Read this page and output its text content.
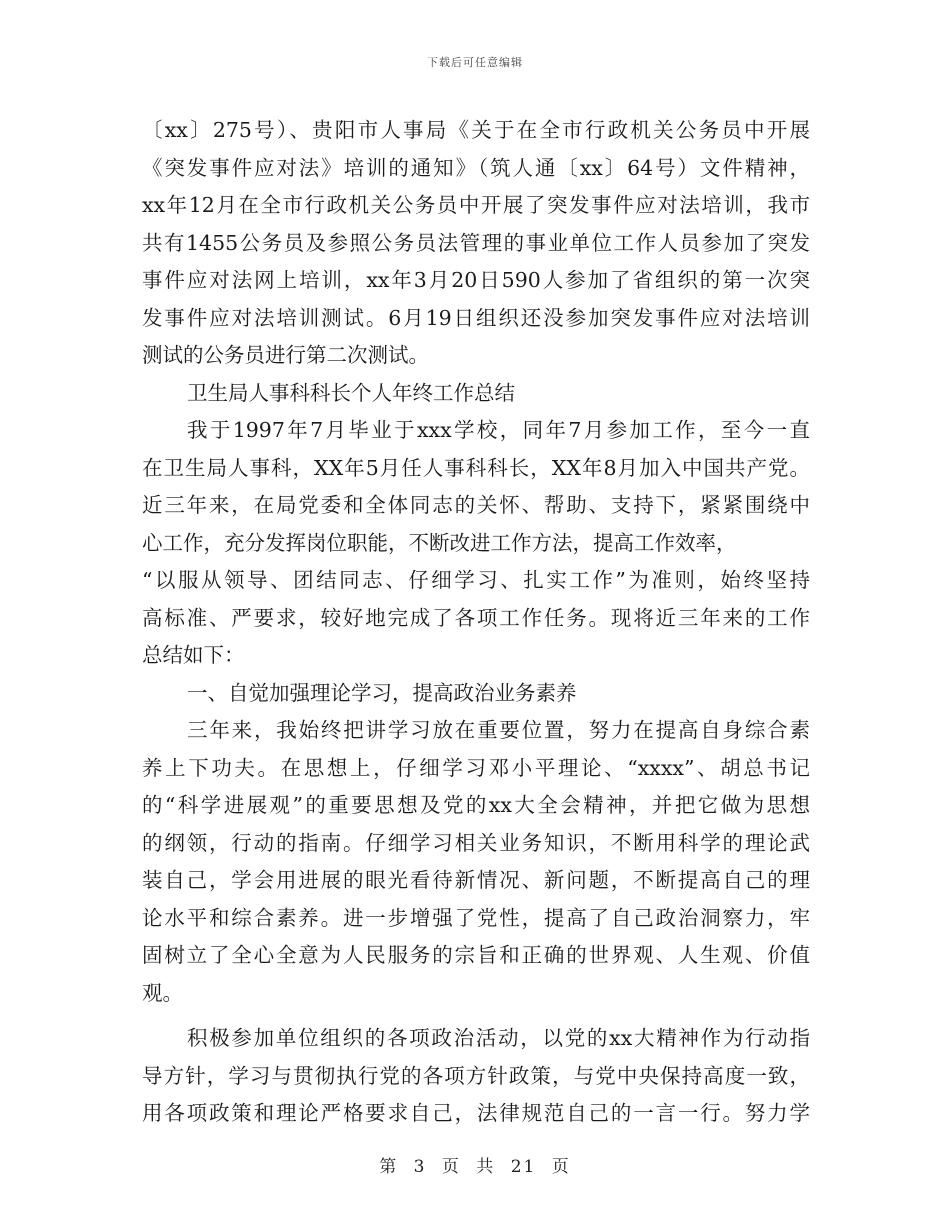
下载后可任意编辑
〔xx〕275号）、贵阳市人事局《关于在全市行政机关公务员中开展
《突发事件应对法》培训的通知》（筑人通〔xx〕64号）文件精神，
xx年12月在全市行政机关公务员中开展了突发事件应对法培训，我市
共有1455公务员及参照公务员法管理的事业单位工作人员参加了突发
事件应对法网上培训，xx年3月20日590人参加了省组织的第一次突
发事件应对法培训测试。6月19日组织还没参加突发事件应对法培训
测试的公务员进行第二次测试。
卫生局人事科科长个人年终工作总结
我于1997年7月毕业于xxx学校，同年7月参加工作，至今一直
在卫生局人事科，XX年5月任人事科科长，XX年8月加入中国共产党。
近三年来，在局党委和全体同志的关怀、帮助、支持下，紧紧围绕中
心工作，充分发挥岗位职能，不断改进工作方法，提高工作效率，
“以服从领导、团结同志、仔细学习、扎实工作”为准则，始终坚持
高标准、严要求，较好地完成了各项工作任务。现将近三年来的工作
总结如下：
一、自觉加强理论学习，提高政治业务素养
三年来，我始终把讲学习放在重要位置，努力在提高自身综合素
养上下功夫。在思想上，仔细学习邓小平理论、“xxxx”、胡总书记
的“科学进展观”的重要思想及党的xx大全会精神，并把它做为思想
的纲领，行动的指南。仔细学习相关业务知识，不断用科学的理论武
装自己，学会用进展的眼光看待新情况、新问题，不断提高自己的理
论水平和综合素养。进一步增强了党性，提高了自己政治洞察力，牢
固树立了全心全意为人民服务的宗旨和正确的世界观、人生观、价值
观。
积极参加单位组织的各项政治活动，以党的xx大精神作为行动指
导方针，学习与贯彻执行党的各项方针政策，与党中央保持高度一致，
用各项政策和理论严格要求自己，法律规范自己的一言一行。努力学
第 3 页 共 21 页
